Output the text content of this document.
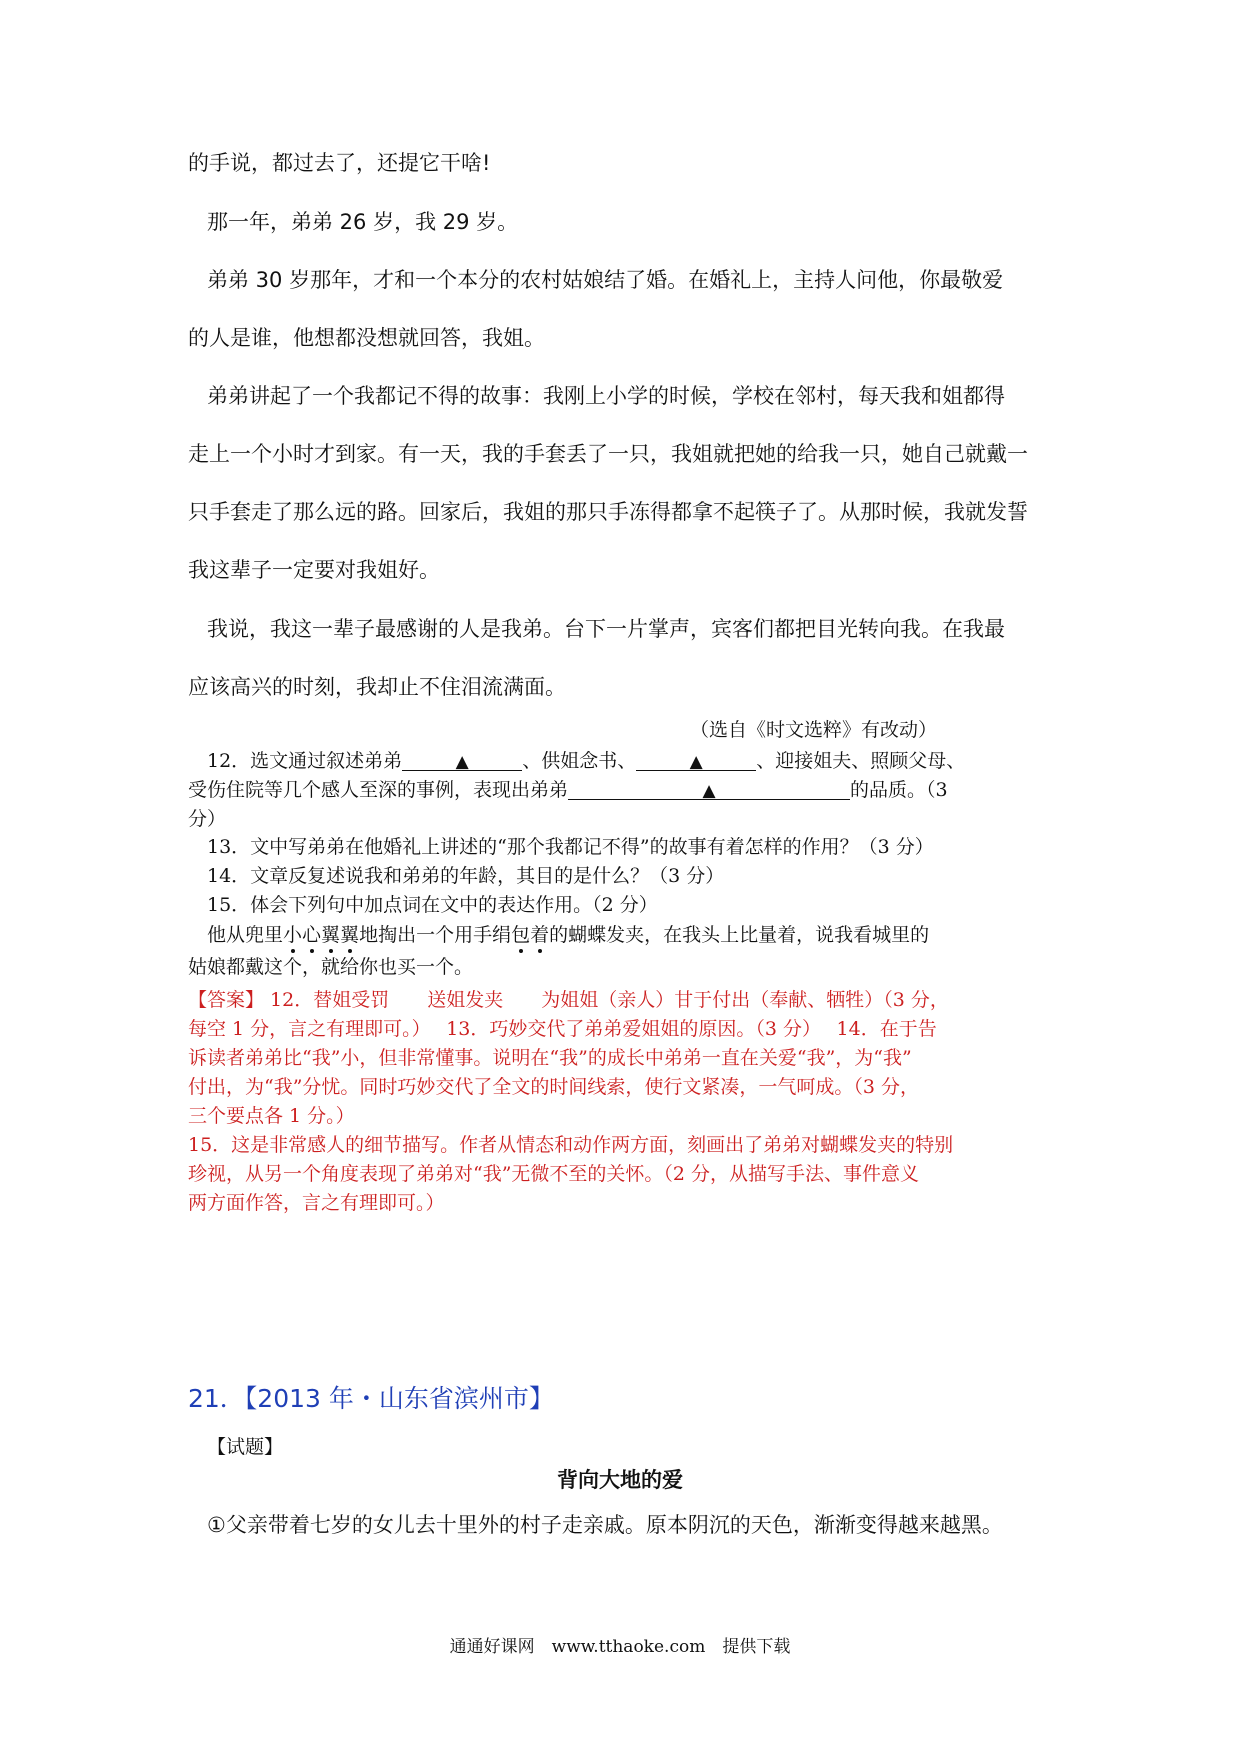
的手说，都过去了，还提它干啥!
那一年，弟弟 26 岁，我 29 岁。
弟弟 30 岁那年，才和一个本分的农村姑娘结了婚。在婚礼上，主持人问他，你最敬爱
的人是谁，他想都没想就回答，我姐。
弟弟讲起了一个我都记不得的故事：我刚上小学的时候，学校在邻村，每天我和姐都得
走上一个小时才到家。有一天，我的手套丢了一只，我姐就把她的给我一只，她自己就戴一
只手套走了那么远的路。回家后，我姐的那只手冻得都拿不起筷子了。从那时候，我就发誓
我这辈子一定要对我姐好。
我说，我这一辈子最感谢的人是我弟。台下一片掌声，宾客们都把目光转向我。在我最
应该高兴的时刻，我却止不住泪流满面。
（选自《时文选粹》有改动）
12．选文通过叙述弟弟	▲	、供姐念书、	▲	、迎接姐夫、照顾父母、
受伤住院等几个感人至深的事例，表现出弟弟	▲	的品质。（3
分）
13．文中写弟弟在他婚礼上讲述的“那个我都记不得”的故事有着怎样的作用？（3 分）
14．文章反复述说我和弟弟的年龄，其目的是什么？（3 分）
15．体会下列句中加点词在文中的表达作用。（2 分）
他从兜里小心翼翼地掏出一个用手绢包着的蝴蝶发夹，在我头上比量着，说我看城里的
姑娘都戴这个，就给你也买一个。
【答案】 12．替姐受罚　　送姐发夹　　为姐姐（亲人）甘于付出（奉献、牺牲）（3 分，
每空 1 分，言之有理即可。）　 13．巧妙交代了弟弟爱姐姐的原因。（3 分）　 14．在于告
诉读者弟弟比“我”小，但非常懂事。说明在“我”的成长中弟弟一直在关爱“我”，为“我”
付出，为“我”分忧。同时巧妙交代了全文的时间线索，使行文紧凑，一气呵成。（3 分，
三个要点各 1 分。）
15．这是非常感人的细节描写。作者从情态和动作两方面，刻画出了弟弟对蝴蝶发夹的特别
珍视，从另一个角度表现了弟弟对“我”无微不至的关怀。（2 分，从描写手法、事件意义
两方面作答，言之有理即可。）
21．【2013 年・山东省滨州市】
【试题】
背向大地的爱
①父亲带着七岁的女儿去十里外的村子走亲戚。原本阴沉的天色，渐渐变得越来越黑。
通通好课网　www.tthaoke.com　提供下载
